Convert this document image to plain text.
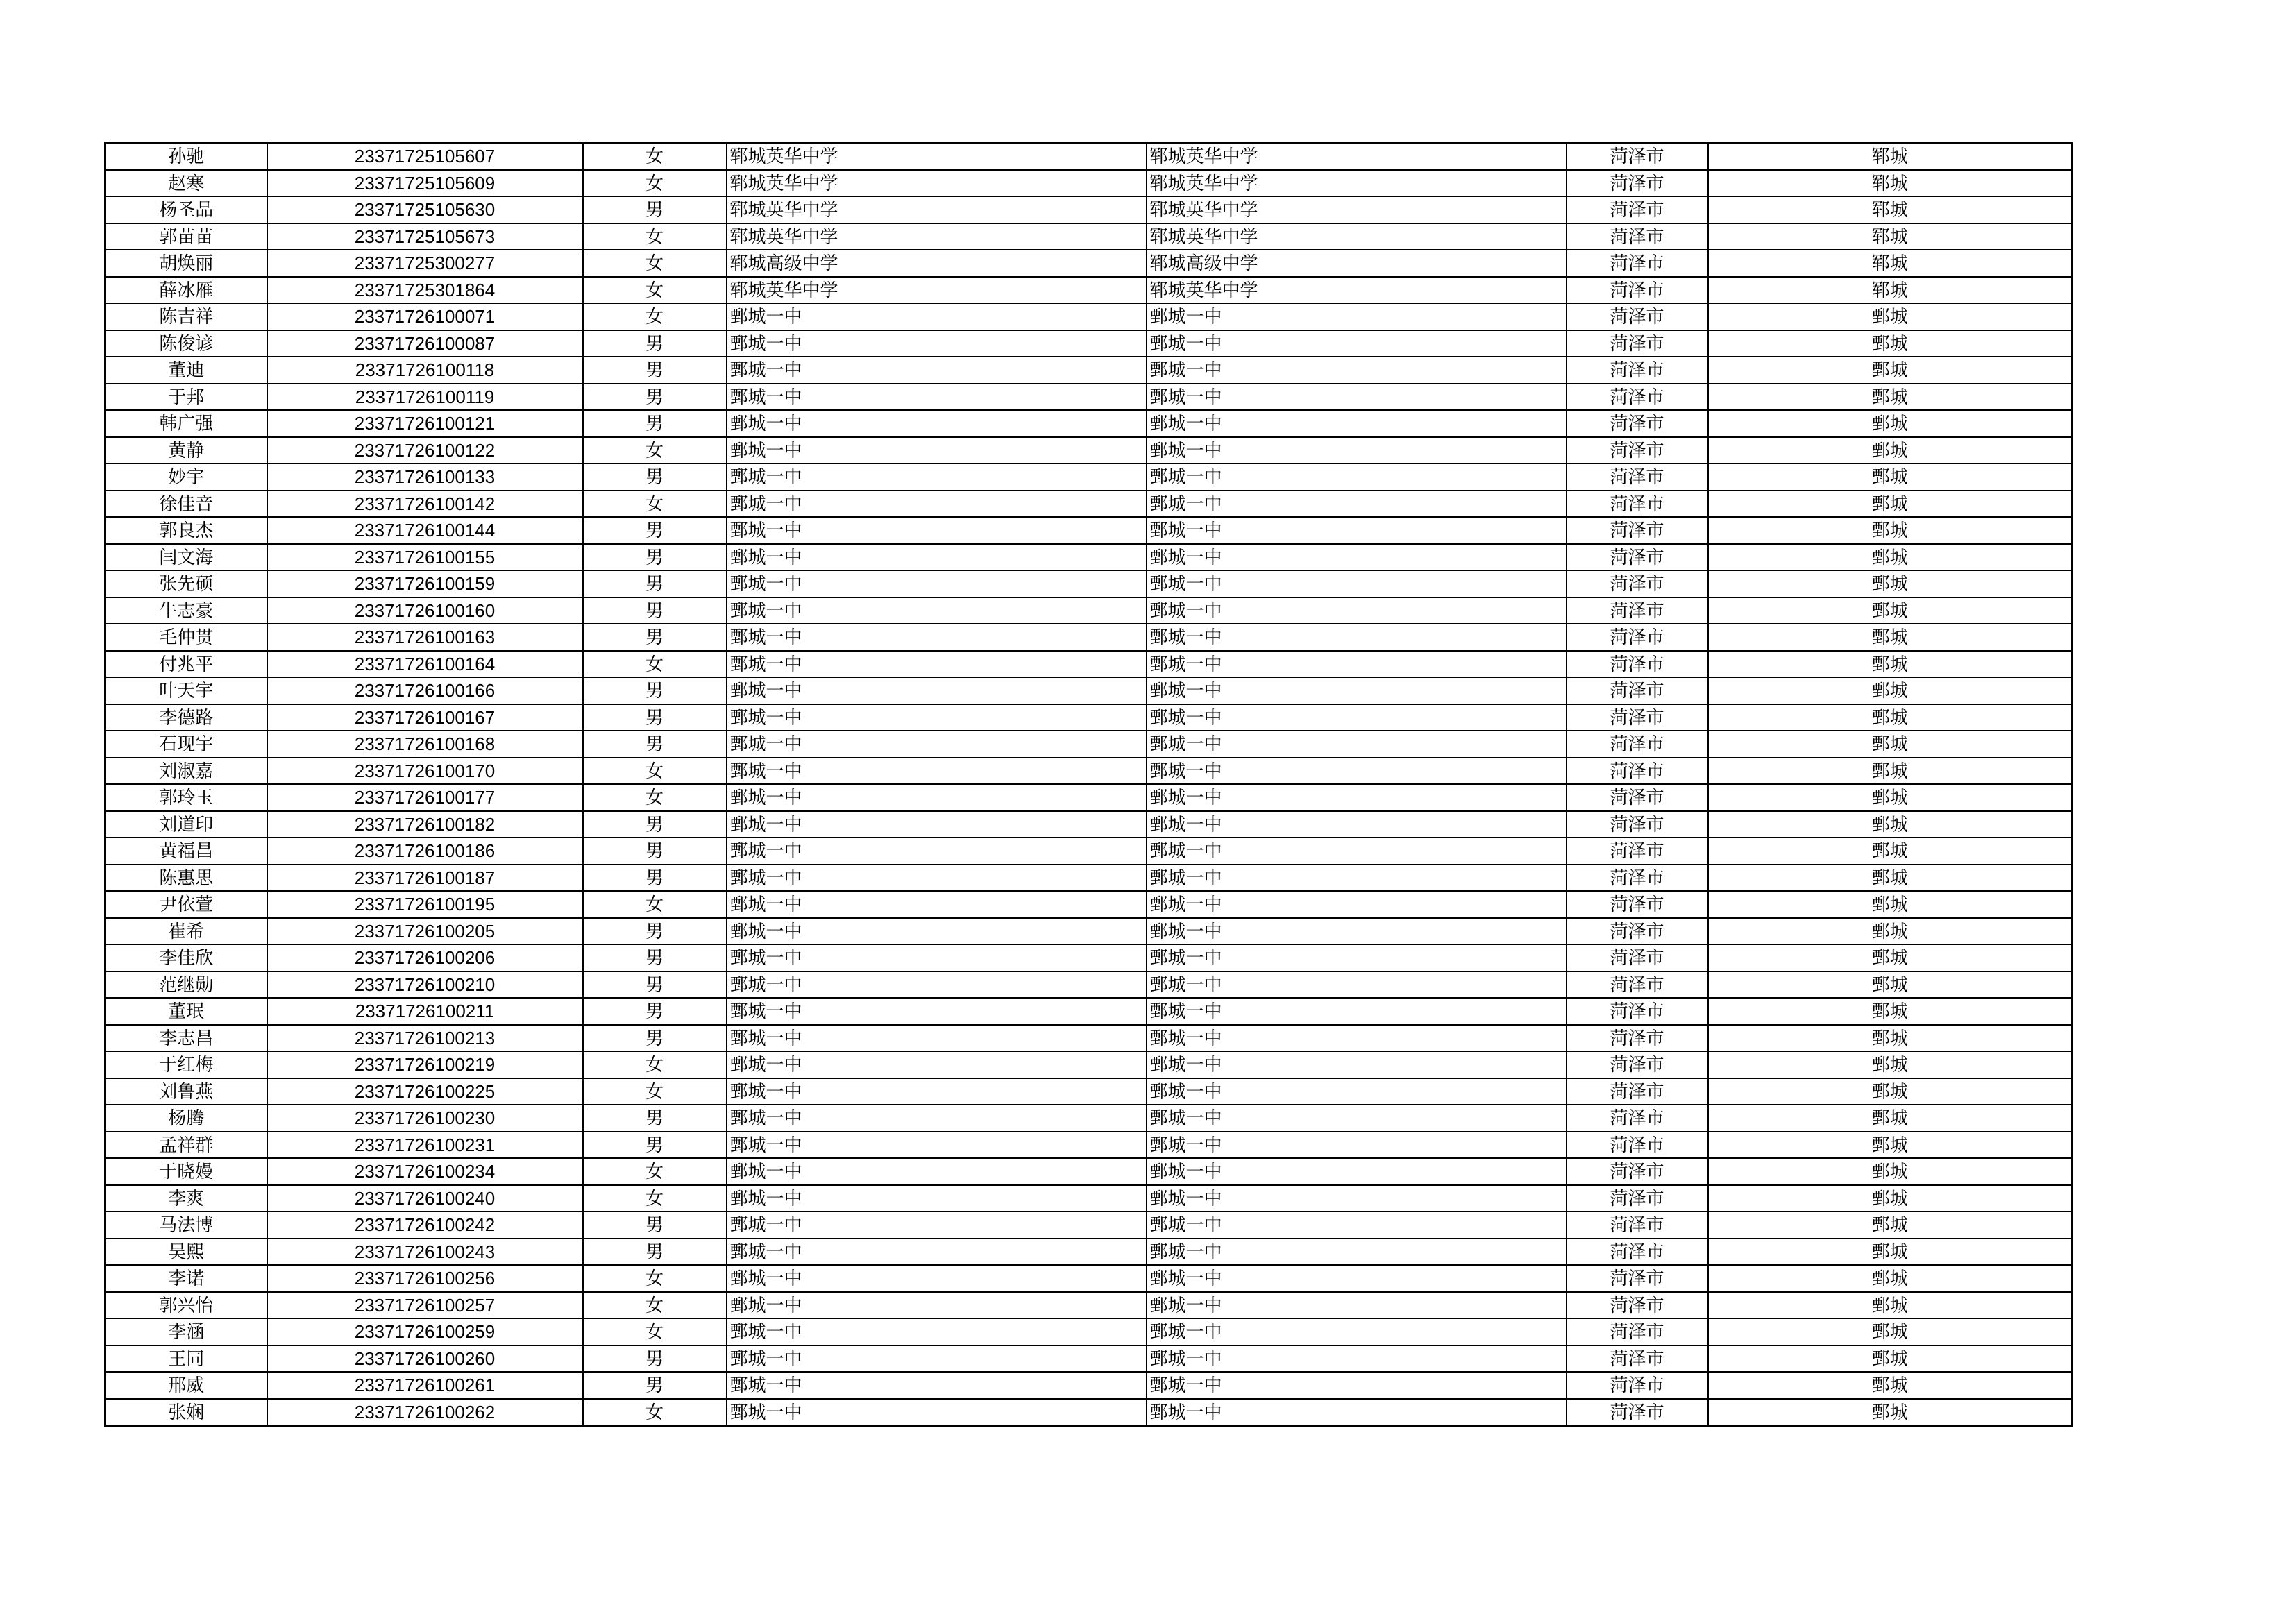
孙驰	23371725105607	女	郓城英华中学	郓城英华中学	菏泽市	郓城
赵寒	23371725105609	女	郓城英华中学	郓城英华中学	菏泽市	郓城
杨圣品	23371725105630	男	郓城英华中学	郓城英华中学	菏泽市	郓城
郭苗苗	23371725105673	女	郓城英华中学	郓城英华中学	菏泽市	郓城
胡焕丽	23371725300277	女	郓城高级中学	郓城高级中学	菏泽市	郓城
薛冰雁	23371725301864	女	郓城英华中学	郓城英华中学	菏泽市	郓城
陈吉祥	23371726100071	女	鄄城一中	鄄城一中	菏泽市	鄄城
陈俊谚	23371726100087	男	鄄城一中	鄄城一中	菏泽市	鄄城
董迪	23371726100118	男	鄄城一中	鄄城一中	菏泽市	鄄城
于邦	23371726100119	男	鄄城一中	鄄城一中	菏泽市	鄄城
韩广强	23371726100121	男	鄄城一中	鄄城一中	菏泽市	鄄城
黄静	23371726100122	女	鄄城一中	鄄城一中	菏泽市	鄄城
妙宇	23371726100133	男	鄄城一中	鄄城一中	菏泽市	鄄城
徐佳音	23371726100142	女	鄄城一中	鄄城一中	菏泽市	鄄城
郭良杰	23371726100144	男	鄄城一中	鄄城一中	菏泽市	鄄城
闫文海	23371726100155	男	鄄城一中	鄄城一中	菏泽市	鄄城
张先硕	23371726100159	男	鄄城一中	鄄城一中	菏泽市	鄄城
牛志豪	23371726100160	男	鄄城一中	鄄城一中	菏泽市	鄄城
毛仲贯	23371726100163	男	鄄城一中	鄄城一中	菏泽市	鄄城
付兆平	23371726100164	女	鄄城一中	鄄城一中	菏泽市	鄄城
叶天宇	23371726100166	男	鄄城一中	鄄城一中	菏泽市	鄄城
李德路	23371726100167	男	鄄城一中	鄄城一中	菏泽市	鄄城
石现宇	23371726100168	男	鄄城一中	鄄城一中	菏泽市	鄄城
刘淑嘉	23371726100170	女	鄄城一中	鄄城一中	菏泽市	鄄城
郭玲玉	23371726100177	女	鄄城一中	鄄城一中	菏泽市	鄄城
刘道印	23371726100182	男	鄄城一中	鄄城一中	菏泽市	鄄城
黄福昌	23371726100186	男	鄄城一中	鄄城一中	菏泽市	鄄城
陈惠思	23371726100187	男	鄄城一中	鄄城一中	菏泽市	鄄城
尹依萱	23371726100195	女	鄄城一中	鄄城一中	菏泽市	鄄城
崔希	23371726100205	男	鄄城一中	鄄城一中	菏泽市	鄄城
李佳欣	23371726100206	男	鄄城一中	鄄城一中	菏泽市	鄄城
范继勋	23371726100210	男	鄄城一中	鄄城一中	菏泽市	鄄城
董珉	23371726100211	男	鄄城一中	鄄城一中	菏泽市	鄄城
李志昌	23371726100213	男	鄄城一中	鄄城一中	菏泽市	鄄城
于红梅	23371726100219	女	鄄城一中	鄄城一中	菏泽市	鄄城
刘鲁燕	23371726100225	女	鄄城一中	鄄城一中	菏泽市	鄄城
杨腾	23371726100230	男	鄄城一中	鄄城一中	菏泽市	鄄城
孟祥群	23371726100231	男	鄄城一中	鄄城一中	菏泽市	鄄城
于晓嫚	23371726100234	女	鄄城一中	鄄城一中	菏泽市	鄄城
李爽	23371726100240	女	鄄城一中	鄄城一中	菏泽市	鄄城
马法博	23371726100242	男	鄄城一中	鄄城一中	菏泽市	鄄城
吴熙	23371726100243	男	鄄城一中	鄄城一中	菏泽市	鄄城
李诺	23371726100256	女	鄄城一中	鄄城一中	菏泽市	鄄城
郭兴怡	23371726100257	女	鄄城一中	鄄城一中	菏泽市	鄄城
李涵	23371726100259	女	鄄城一中	鄄城一中	菏泽市	鄄城
王同	23371726100260	男	鄄城一中	鄄城一中	菏泽市	鄄城
邢威	23371726100261	男	鄄城一中	鄄城一中	菏泽市	鄄城
张娴	23371726100262	女	鄄城一中	鄄城一中	菏泽市	鄄城
